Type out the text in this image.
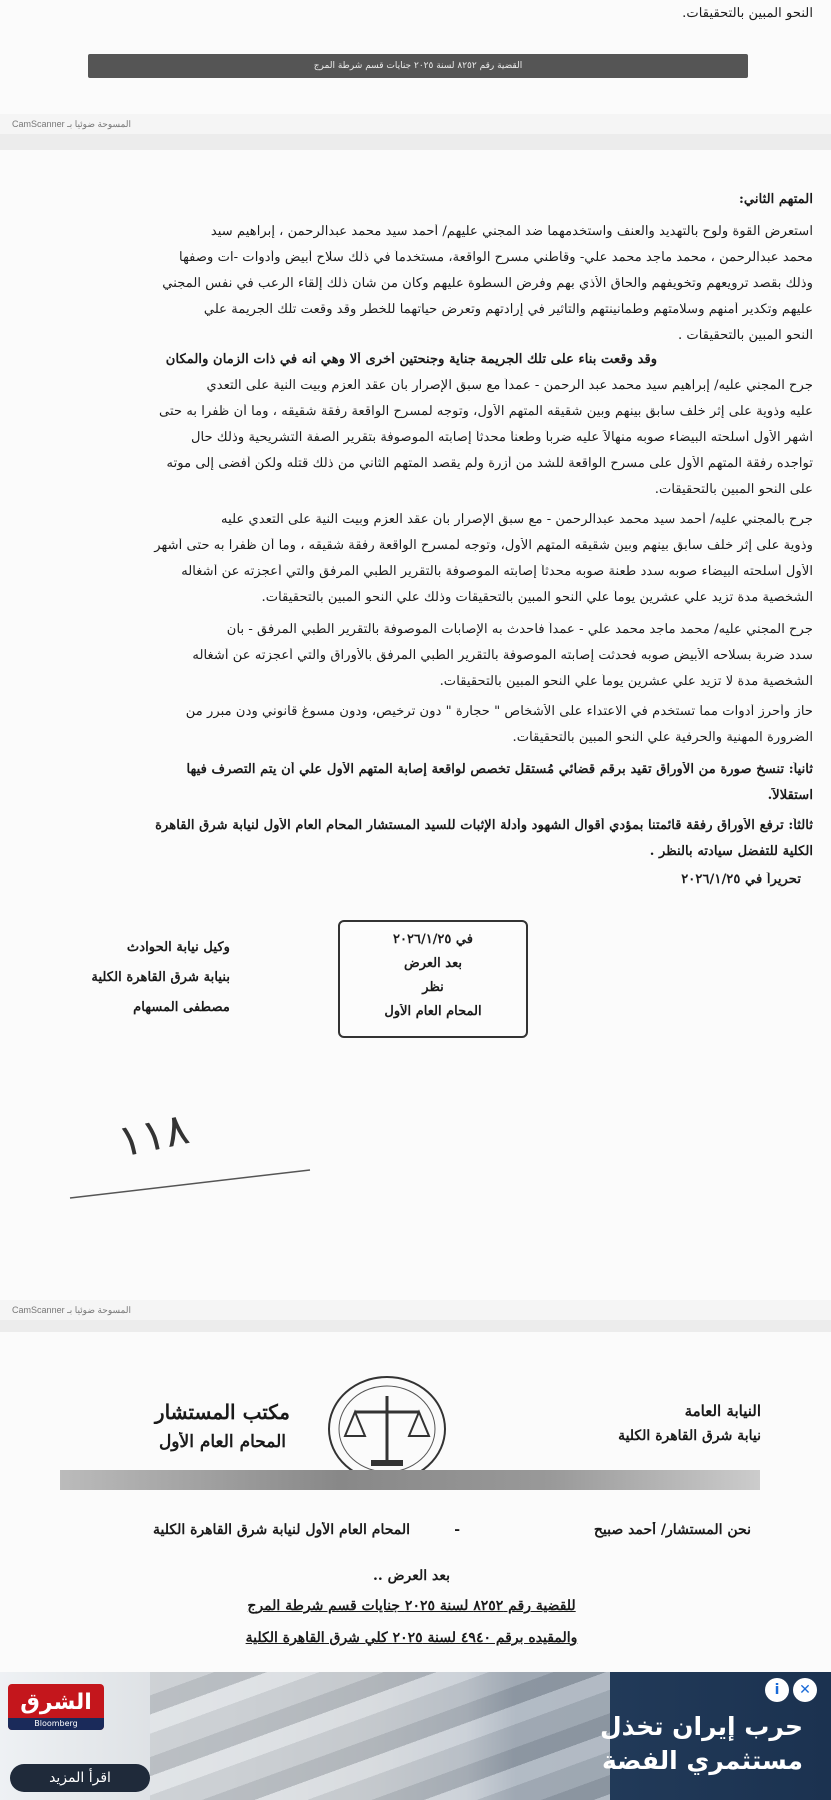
النحو المبين بالتحقيقات.
القضية رقم ٨٢٥٢ لسنة ٢٠٢٥ جنايات قسم شرطة المرج
CamScanner المسوحة ضوئيا بـ
المتهم الثاني:
استعرض القوة ولوح بالتهديد والعنف واستخدمهما ضد المجني عليهم/ أحمد سيد محمد عبدالرحمن ، إبراهيم سيد
محمد عبدالرحمن ، محمد ماجد محمد علي- وقاطني مسرح الواقعة، مستخدماً في ذلك سلاح أبيض وأدوات -ات وصفها
وذلك بقصد ترويعهم وتخويفهم والحاق الأذي بهم وفرض السطوة عليهم وكان من شأن ذلك إلقاء الرعب في نفس المجني
عليهم وتكدير أمنهم وسلامتهم وطمأنينتهم والتأثير في إرادتهم وتعرض حياتهما للخطر وقد وقعت تلك الجريمة علي
النحو المبين بالتحقيقات .
وقد وقعت بناء على تلك الجريمة جناية وجنحتين أخرى ألا وهي أنه في ذات الزمان والمكان
جرح المجني عليه/ إبراهيم سيد محمد عبد الرحمن - عمداً مع سبق الإصرار بأن عقد العزم وبيت النية على التعدي
عليه وذوية على إثر خلف سابق بينهم وبين شقيقه المتهم الأول، وتوجه لمسرح الواقعة رفقة شقيقه ، وما أن ظفرا به حتى
أشهر الأول أسلحته البيضاء صوبه منهالاً عليه ضرباً وطعناً محدثاً إصابته الموصوفة بتقرير الصفة التشريحية وذلك حال
تواجده رفقة المتهم الأول على مسرح الواقعة للشد من أزرة ولم يقصد المتهم الثاني من ذلك قتله ولكن أفضى إلى موته
على النحو المبين بالتحقيقات.
جرح بالمجني عليه/ أحمد سيد محمد عبدالرحمن - مع سبق الإصرار بأن عقد العزم وبيت النية على التعدي عليه
وذوية على إثر خلف سابق بينهم وبين شقيقه المتهم الأول، وتوجه لمسرح الواقعة رفقة شقيقه ، وما أن ظفرا به حتى أشهر
الأول أسلحته البيضاء صوبه سدد طعنة صوبه محدثاً إصابته الموصوفة بالتقرير الطبي المرفق والتي أعجزته عن أشغاله
الشخصية مدة تزيد علي عشرين يوماً علي النحو المبين بالتحقيقات وذلك علي النحو المبين بالتحقيقات.
جرح المجني عليه/ محمد ماجد محمد علي - عمداً فأحدث به الإصابات الموصوفة بالتقرير الطبي المرفق - بأن
سدد ضربة بسلاحه الأبيض صوبه فحدثت إصابته الموصوفة بالتقرير الطبي المرفق بالأوراق والتي أعجزته عن أشغاله
الشخصية مدة لا تزيد علي عشرين يوماً علي النحو المبين بالتحقيقات.
حاز وأحرز أدوات مما تستخدم في الاعتداء على الأشخاص " حجارة " دون ترخيص، ودون مسوغ قانوني ودن مبرر من
الضرورة المهنية والحرفية علي النحو المبين بالتحقيقات.
ثانياً: تنسخ صورة من الأوراق تقيد برقم قضائي مُستقل تخصص لواقعة إصابة المتهم الأول علي أن يتم التصرف فيها
استقلالاً.
ثالثاً: ترفع الأوراق رفقة قائمتنا بمؤدي أقوال الشهود وأدلة الإثبات للسيد المستشار المحام العام الأول لنيابة شرق القاهرة
الكلية للتفضل سيادته بالنظر .
تحريراً في ٢٠٢٦/١/٢٥
في ٢٠٢٦/١/٢٥
بعد العرض
نظر
المحام العام الأول
وكيل نيابة الحوادث
بنيابة شرق القاهرة الكلية
مصطفى المسهام
١١٨
CamScanner المسوحة ضوئيا بـ
مكتب المستشار
المحام العام الأول
النيابة العامة
نيابة شرق القاهرة الكلية
نحن المستشار/ أحمد صبيح
-
المحام العام الأول لنيابة شرق القاهرة الكلية
بعد العرض ..
للقضية رقم ٨٢٥٢ لسنة ٢٠٢٥ جنايات قسم شرطة المرج
والمقيده برقم ٤٩٤٠ لسنة ٢٠٢٥ كلي شرق القاهرة الكلية
الشرق
Bloomberg
اقرأ المزيد
حرب إيران تخذل مستثمري الفضة
i ✕
